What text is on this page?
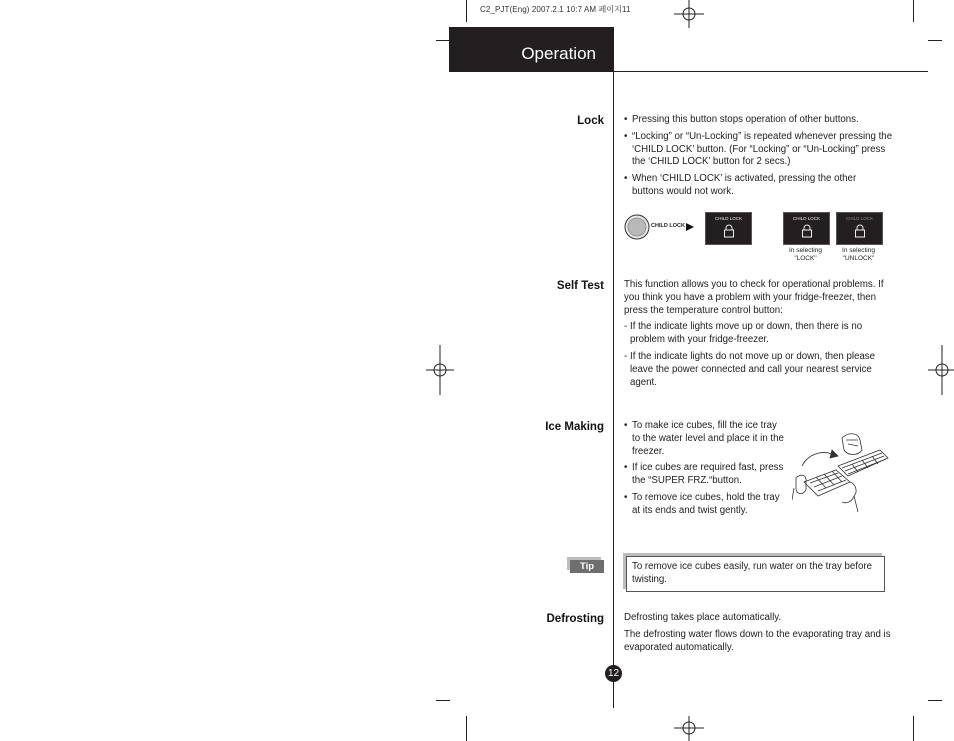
C2_PJT(Eng) 2007.2.1 10:7 AM 페이지11
Operation
Lock	• Pressing this button stops operation of other buttons.
• “Locking” or “Un-Locking” is repeated whenever pressing the ‘CHILD LOCK’ button. (For “Locking” or “Un-Locking” press the ‘CHILD LOCK’ button for 2 secs.)
• When ‘CHILD LOCK’ is activated, pressing the other buttons would not work.
CHILD LOCK
CHILD LOCK	CHILD LOCK
In selecting
"LOCK"
CHILD LOCK
In selecting
"UNLOCK"
Self Test This function allows you to check for operational problems. If you think you have a problem with your fridge-freezer, then press the temperature control button:

- If the indicate lights move up or down, then there is no problem with your fridge-freezer.
- If the indicate lights do not move up or down, then please leave the power connected and call your nearest service agent.
Ice Making	• To make ice cubes, fill the ice tray to the water level and place it in the freezer.
• If ice cubes are required fast, press the “SUPER FRZ.“button.
• To remove ice cubes, hold the tray at its ends and twist gently.
Tip	To remove ice cubes easily, run water on the tray before twisting.
Defrosting Defrosting takes place automatically.

The defrosting water flows down to the evaporating tray and is evaporated automatically.

12
